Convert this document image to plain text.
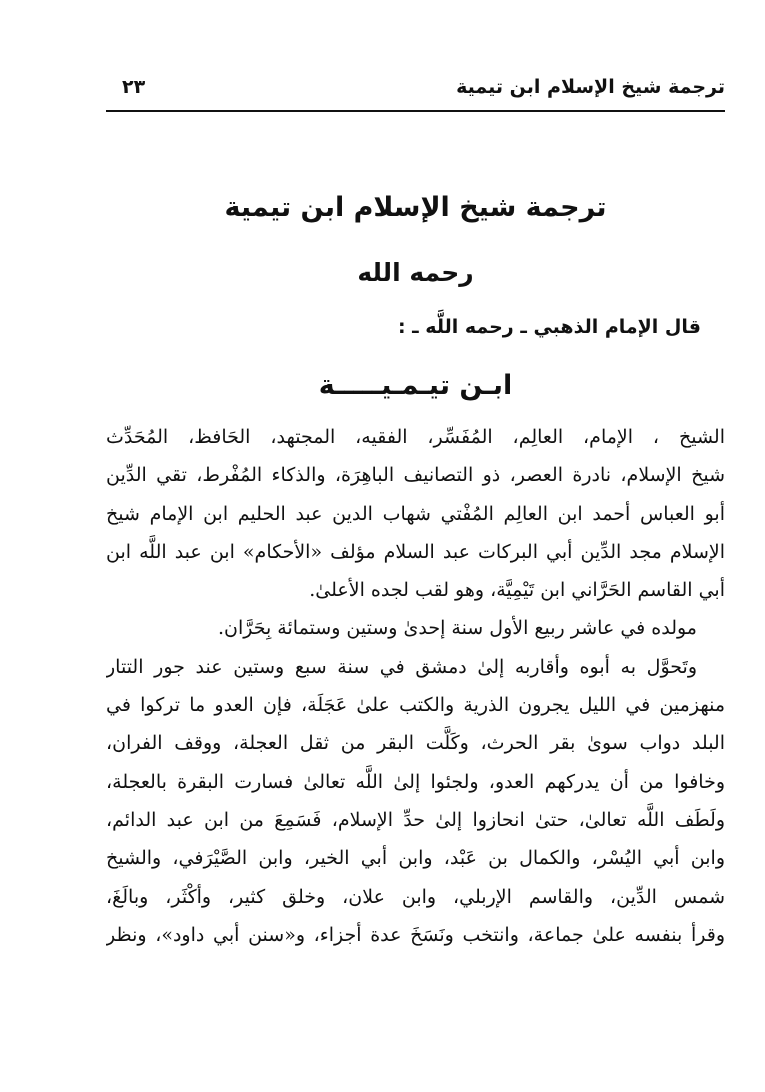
ترجمة شيخ الإسلام ابن تيمية
٢٣
ترجمة شيخ الإسلام ابن تيمية
رحمه الله
قال الإمام الذهبي ـ رحمه اللَّه ـ :
ابـن تيـمـيـــــة
الشيخ ، الإمام، العالِم، المُفَسِّر، الفقيه، المجتهد، الحَافظ، المُحَدِّث
شيخ الإسلام، نادرة العصر، ذو التصانيف الباهِرَة، والذكاء المُفْرط، تقي الدِّين
أبو العباس أحمد ابن العالِم المُفْتي شهاب الدين عبد الحليم ابن الإمام شيخ
الإسلام مجد الدِّين أبي البركات عبد السلام مؤلف «الأحكام» ابن عبد اللَّه ابن
أبي القاسم الحَرَّاني ابن تَيْمِيَّة، وهو لقب لجده الأعلىٰ.
مولده في عاشر ربيع الأول سنة إحدىٰ وستين وستمائة بِحَرَّان.
وتَحوَّل به أبوه وأقاربه إلىٰ دمشق في سنة سبع وستين عند جور التتار
منهزمين في الليل يجرون الذرية والكتب علىٰ عَجَلَة، فإن العدو ما تركوا في
البلد دواب سوىٰ بقر الحرث، وكَلَّت البقر من ثقل العجلة، ووقف الفران،
وخافوا من أن يدركهم العدو، ولجئوا إلىٰ اللَّه تعالىٰ فسارت البقرة بالعجلة،
ولَطَف اللَّه تعالىٰ، حتىٰ انحازوا إلىٰ حدِّ الإسلام، فَسَمِعَ من ابن عبد الدائم،
وابن أبي اليُسْر، والكمال بن عَبْد، وابن أبي الخير، وابن الصَّيْرَفي، والشيخ
شمس الدِّين، والقاسم الإربلي، وابن علان، وخلق كثير، وأكْثَر، وبالَغَ،
وقرأ بنفسه علىٰ جماعة، وانتخب ونَسَخَ عدة أجزاء، و«سنن أبي داود»، ونظر
